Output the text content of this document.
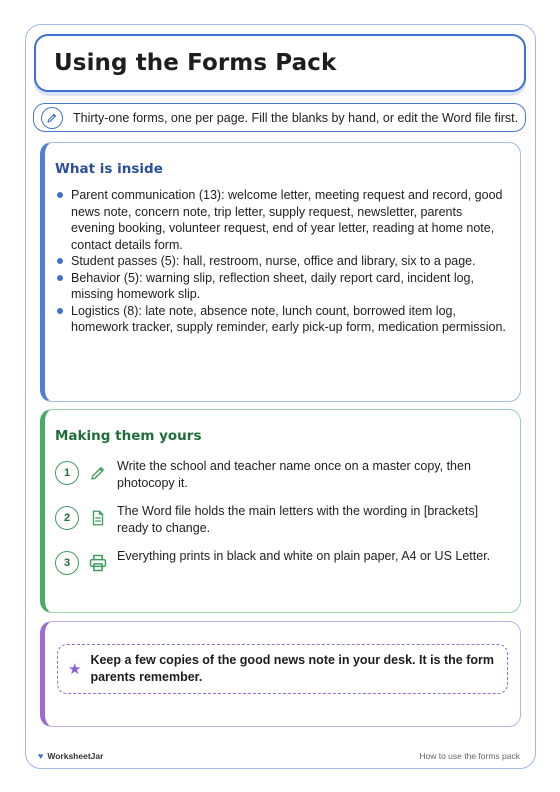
Using the Forms Pack

Thirty-one forms, one per page. Fill the blanks by hand, or edit the Word file first.

What is inside
Parent communication (13): welcome letter, meeting request and record, good news note, concern note, trip letter, supply request, newsletter, parents evening booking, volunteer request, end of year letter, reading at home note, contact details form.
Student passes (5): hall, restroom, nurse, office and library, six to a page.
Behavior (5): warning slip, reflection sheet, daily report card, incident log, missing homework slip.
Logistics (8): late note, absence note, lunch count, borrowed item log, homework tracker, supply reminder, early pick-up form, medication permission.
Making them yours
1	Write the school and teacher name once on a master copy, then photocopy it.

2	The Word file holds the main letters with the wording in [brackets] ready to change.

3	Everything prints in black and white on plain paper, A4 or US Letter.

★

Keep a few copies of the good news note in your desk. It is the form parents remember.

♥ WorksheetJar	How to use the forms pack
